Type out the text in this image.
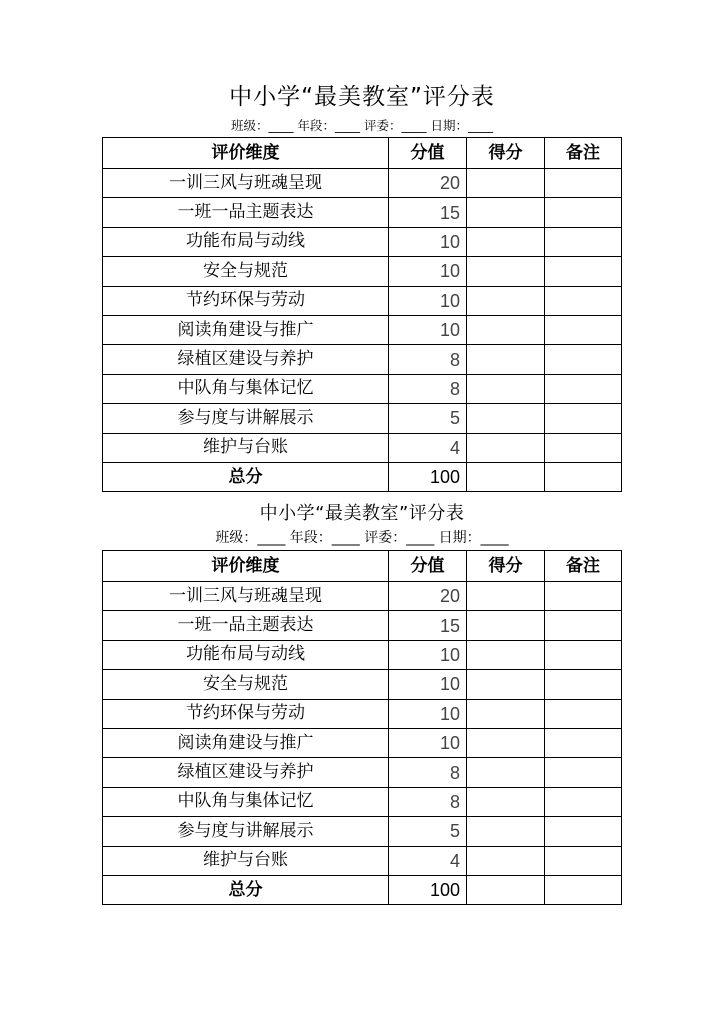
中小学“最美教室”评分表
班级：____ 年段：____ 评委：____ 日期：____
评价维度	分值	得分	备注
一训三风与班魂呈现	20		
一班一品主题表达	15		
功能布局与动线	10		
安全与规范	10		
节约环保与劳动	10		
阅读角建设与推广	10		
绿植区建设与养护	8		
中队角与集体记忆	8		
参与度与讲解展示	5		
维护与台账	4		
总分	100		
中小学“最美教室”评分表
班级：____ 年段：____ 评委：____ 日期：____
评价维度	分值	得分	备注
一训三风与班魂呈现	20		
一班一品主题表达	15		
功能布局与动线	10		
安全与规范	10		
节约环保与劳动	10		
阅读角建设与推广	10		
绿植区建设与养护	8		
中队角与集体记忆	8		
参与度与讲解展示	5		
维护与台账	4		
总分	100		
